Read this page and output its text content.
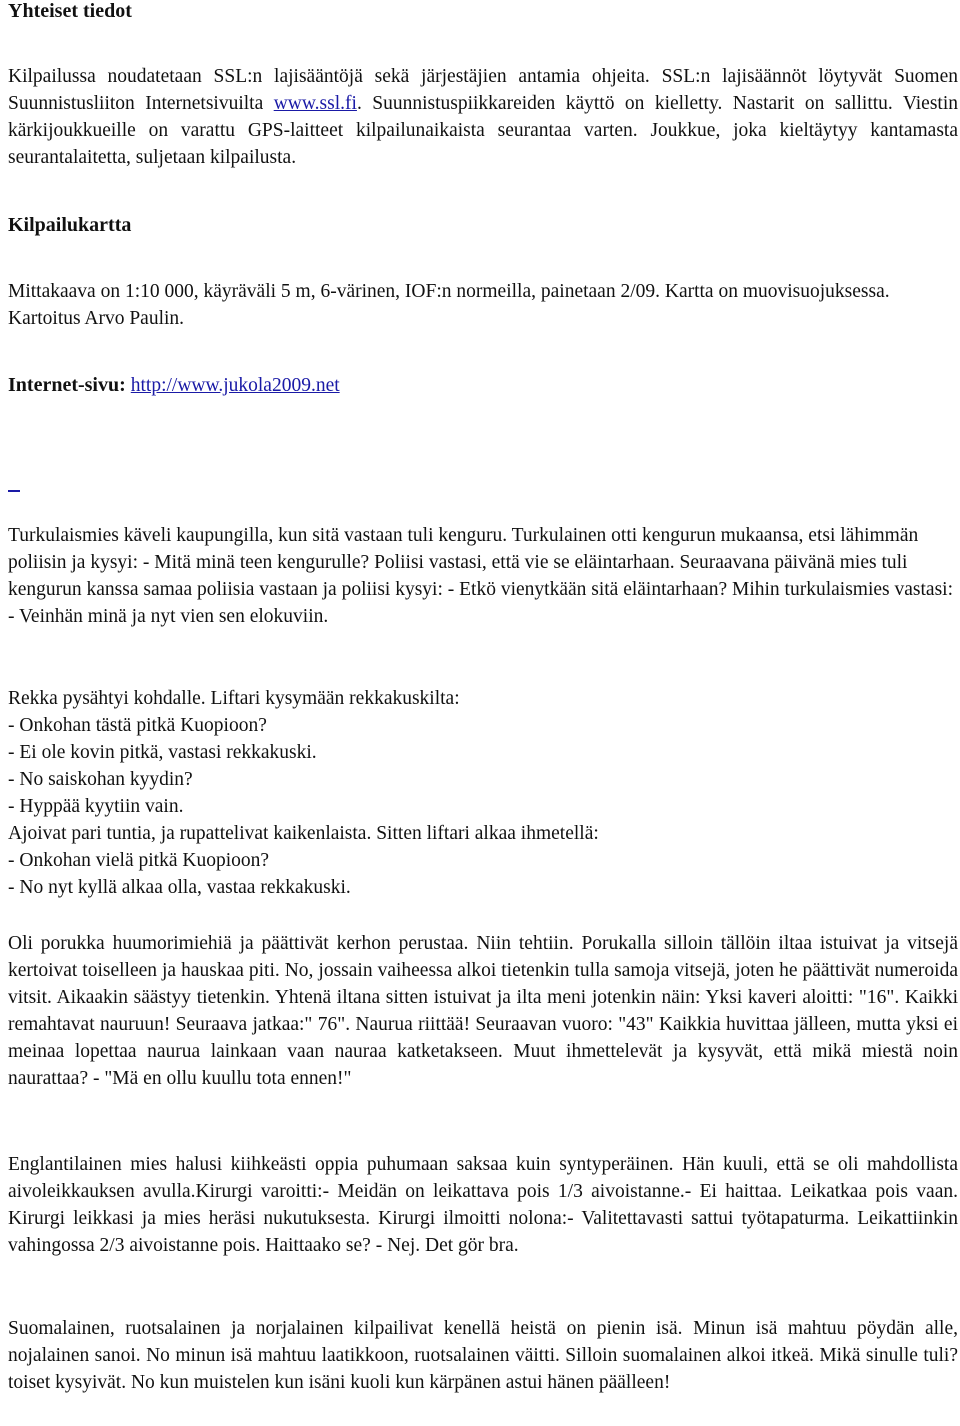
Yhteiset tiedot
Kilpailussa noudatetaan SSL:n lajisääntöjä sekä järjestäjien antamia ohjeita. SSL:n lajisäännöt löytyvät Suomen Suunnistusliiton Internetsivuilta www.ssl.fi. Suunnistuspiikkareiden käyttö on kielletty. Nastarit on sallittu. Viestin kärkijoukkueille on varattu GPS-laitteet kilpailunaikaista seurantaa varten. Joukkue, joka kieltäytyy kantamasta seurantalaitetta, suljetaan kilpailusta.
Kilpailukartta
Mittakaava on 1:10 000, käyräväli 5 m, 6-värinen, IOF:n normeilla, painetaan 2/09. Kartta on muovisuojuksessa. Kartoitus Arvo Paulin.
Internet-sivu: http://www.jukola2009.net
Turkulaismies käveli kaupungilla, kun sitä vastaan tuli kenguru. Turkulainen otti kengurun mukaansa, etsi lähimmän poliisin ja kysyi: - Mitä minä teen kengurulle? Poliisi vastasi, että vie se eläintarhaan. Seuraavana päivänä mies tuli kengurun kanssa samaa poliisia vastaan ja poliisi kysyi: - Etkö vienytkään sitä eläintarhaan? Mihin turkulaismies vastasi: - Veinhän minä ja nyt vien sen elokuviin.
Rekka pysähtyi kohdalle. Liftari kysymään rekkakuskilta:
- Onkohan tästä pitkä Kuopioon?
- Ei ole kovin pitkä, vastasi rekkakuski.
- No saiskohan kyydin?
- Hyppää kyytiin vain.
Ajoivat pari tuntia, ja rupattelivat kaikenlaista. Sitten liftari alkaa ihmetellä:
- Onkohan vielä pitkä Kuopioon?
- No nyt kyllä alkaa olla, vastaa rekkakuski.
Oli porukka huumorimiehiä ja päättivät kerhon perustaa. Niin tehtiin. Porukalla silloin tällöin iltaa istuivat ja vitsejä kertoivat toiselleen ja hauskaa piti. No, jossain vaiheessa alkoi tietenkin tulla samoja vitsejä, joten he päättivät numeroida vitsit. Aikaakin säästyy tietenkin. Yhtenä iltana sitten istuivat ja ilta meni jotenkin näin: Yksi kaveri aloitti: "16". Kaikki remahtavat nauruun! Seuraava jatkaa:" 76". Naurua riittää! Seuraavan vuoro: "43" Kaikkia huvittaa jälleen, mutta yksi ei meinaa lopettaa naurua lainkaan vaan nauraa katketakseen. Muut ihmettelevät ja kysyvät, että mikä miestä noin naurattaa? - "Mä en ollu kuullu tota ennen!"
Englantilainen mies halusi kiihkeästi oppia puhumaan saksaa kuin syntyperäinen. Hän kuuli, että se oli mahdollista aivoleikkauksen avulla.Kirurgi varoitti:- Meidän on leikattava pois 1/3 aivoistanne.- Ei haittaa. Leikatkaa pois vaan. Kirurgi leikkasi ja mies heräsi nukutuksesta. Kirurgi ilmoitti nolona:- Valitettavasti sattui työtapaturma. Leikattiinkin vahingossa 2/3 aivoistanne pois. Haittaako se? - Nej. Det gör bra.
Suomalainen, ruotsalainen ja norjalainen kilpailivat kenellä heistä on pienin isä. Minun isä mahtuu pöydän alle, nojalainen sanoi. No minun isä mahtuu laatikkoon, ruotsalainen väitti. Silloin suomalainen alkoi itkeä. Mikä sinulle tuli? toiset kysyivät. No kun muistelen kun isäni kuoli kun kärpänen astui hänen päälleen!
